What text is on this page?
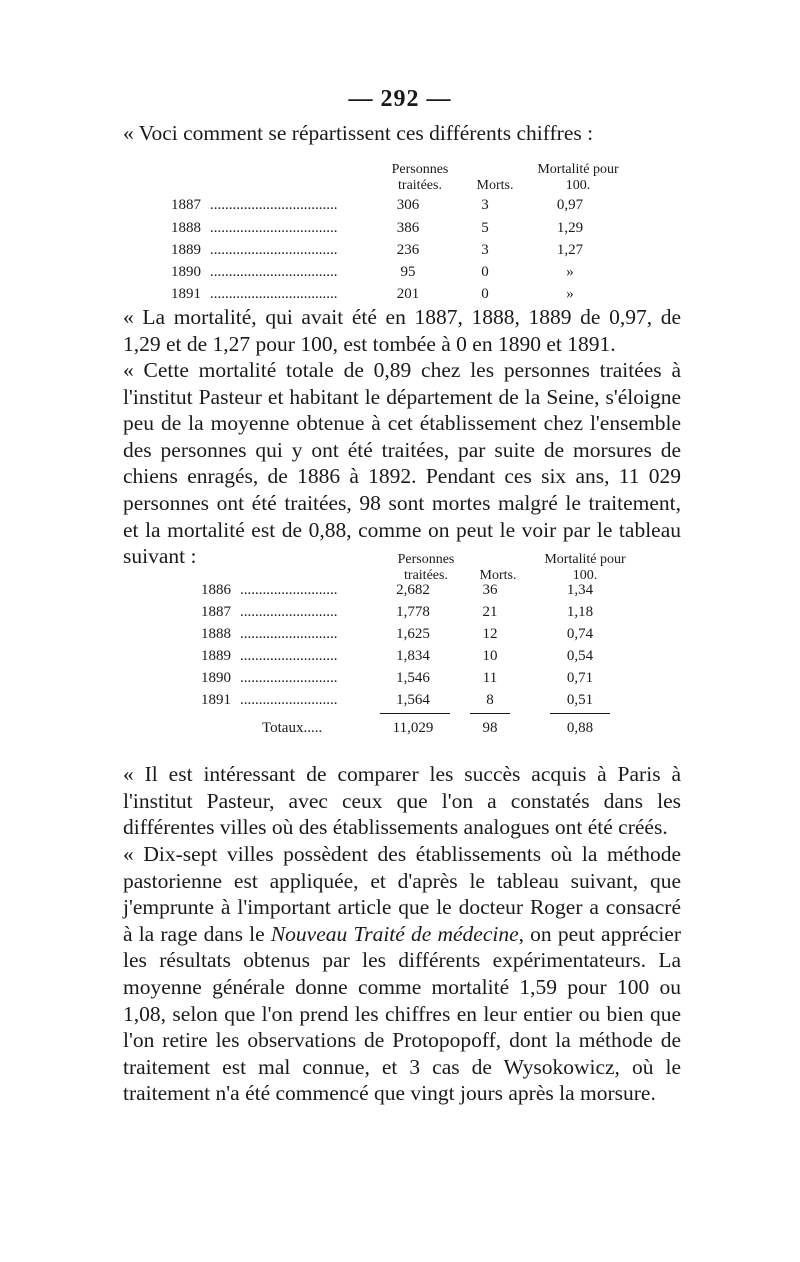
— 292 —
« Voci comment se répartissent ces différents chiffres :
Personnes traitées.	Morts.
Mortalité pour 100.
1887 ..................................	306	3	0,97
1888 ..................................	386	5	1,29
1889 ..................................	236	3	1,27
1890 ..................................	95	0	»
1891 ..................................	201	0	»
« La mortalité, qui avait été en 1887, 1888, 1889 de 0,97, de 1,29 et de 1,27 pour 100, est tombée à 0 en 1890 et 1891.
« Cette mortalité totale de 0,89 chez les personnes traitées à l'institut Pasteur et habitant le département de la Seine, s'éloigne peu de la moyenne obtenue à cet établissement chez l'ensemble des personnes qui y ont été traitées, par suite de morsures de chiens enragés, de 1886 à 1892. Pendant ces six ans, 11 029 personnes ont été traitées, 98 sont mortes malgré le traitement, et la mortalité est de 0,88, comme on peut le voir par le tableau suivant :	Personnes traitées.	Morts.
Mortalité pour 100.
1886 ..........................	2,682	36	1,34
1887 ..........................	1,778	21	1,18
1888 ..........................	1,625	12	0,74
1889 ..........................	1,834	10	0,54
1890 ..........................	1,546	11	0,71
1891 ..........................	1,564	8	0,51
Totaux.....	11,029	98	0,88
« Il est intéressant de comparer les succès acquis à Paris à l'institut Pasteur, avec ceux que l'on a constatés dans les différentes villes où des établissements analogues ont été créés.
« Dix-sept villes possèdent des établissements où la méthode pastorienne est appliquée, et d'après le tableau suivant, que j'emprunte à l'important article que le docteur Roger a consacré à la rage dans le Nouveau Traité de médecine, on peut apprécier les résultats obtenus par les différents expérimentateurs. La moyenne générale donne comme mortalité 1,59 pour 100 ou 1,08, selon que l'on prend les chiffres en leur entier ou bien que l'on retire les observations de Protopopoff, dont la méthode de traitement est mal connue, et 3 cas de Wysokowicz, où le traitement n'a été commencé que vingt jours après la morsure.
